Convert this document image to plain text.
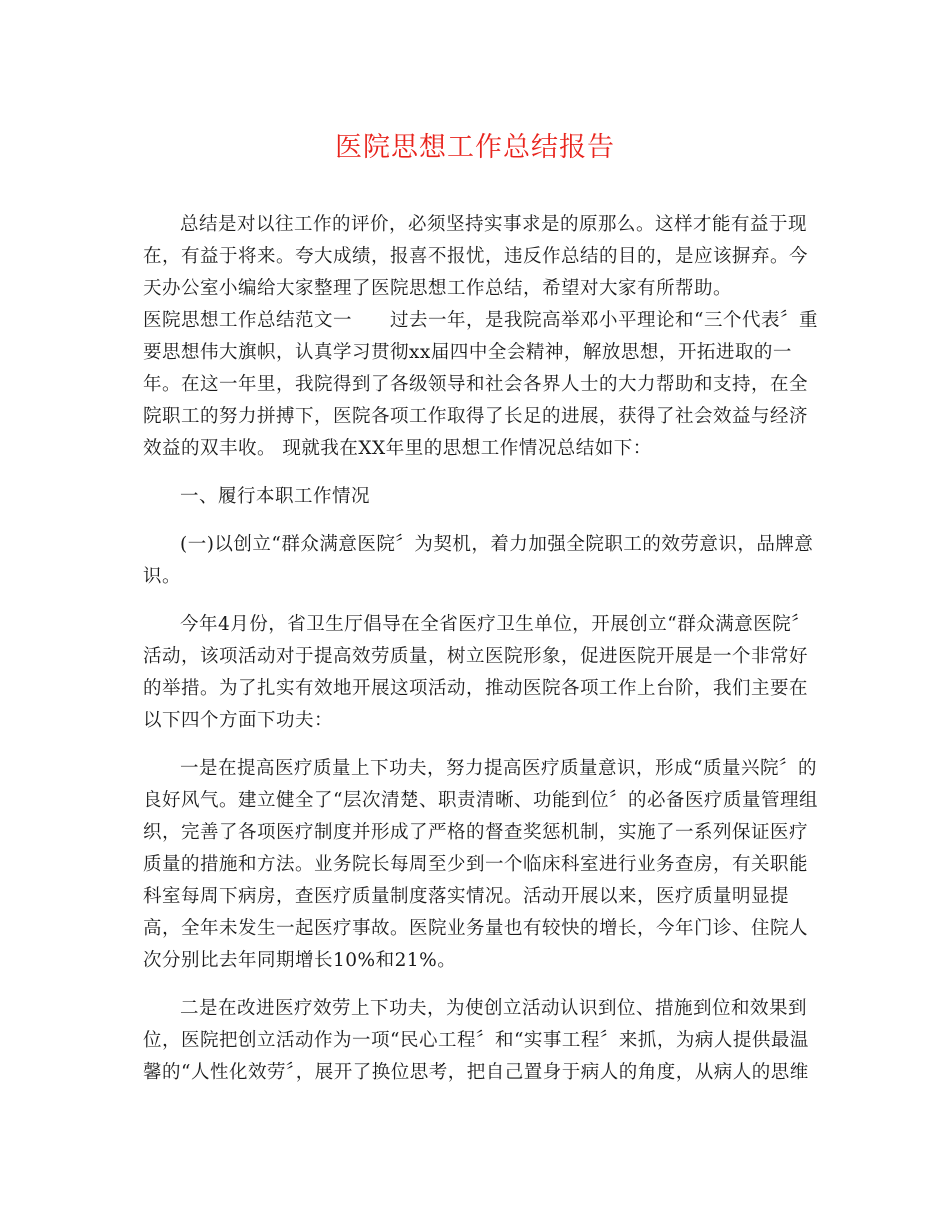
医院思想工作总结报告
总结是对以往工作的评价，必须坚持实事求是的原那么。这样才能有益于现
在，有益于将来。夸大成绩，报喜不报忧，违反作总结的目的，是应该摒弃。今
天办公室小编给大家整理了医院思想工作总结，希望对大家有所帮助。
医院思想工作总结范文一　　过去一年，是我院高举邓小平理论和“三个代表〞重
要思想伟大旗帜，认真学习贯彻xx届四中全会精神，解放思想，开拓进取的一
年。在这一年里，我院得到了各级领导和社会各界人士的大力帮助和支持，在全
院职工的努力拼搏下，医院各项工作取得了长足的进展，获得了社会效益与经济
效益的双丰收。 现就我在XX年里的思想工作情况总结如下：
一、履行本职工作情况
(一)以创立“群众满意医院〞为契机，着力加强全院职工的效劳意识，品牌意
识。
今年4月份，省卫生厅倡导在全省医疗卫生单位，开展创立“群众满意医院〞
活动，该项活动对于提高效劳质量，树立医院形象，促进医院开展是一个非常好
的举措。为了扎实有效地开展这项活动，推动医院各项工作上台阶，我们主要在
以下四个方面下功夫：
一是在提高医疗质量上下功夫，努力提高医疗质量意识，形成“质量兴院〞的
良好风气。建立健全了“层次清楚、职责清晰、功能到位〞的必备医疗质量管理组
织，完善了各项医疗制度并形成了严格的督查奖惩机制，实施了一系列保证医疗
质量的措施和方法。业务院长每周至少到一个临床科室进行业务查房，有关职能
科室每周下病房，查医疗质量制度落实情况。活动开展以来，医疗质量明显提
高，全年未发生一起医疗事故。医院业务量也有较快的增长，今年门诊、住院人
次分别比去年同期增长10%和21%。
二是在改进医疗效劳上下功夫，为使创立活动认识到位、措施到位和效果到
位，医院把创立活动作为一项“民心工程〞和“实事工程〞来抓，为病人提供最温
馨的“人性化效劳〞，展开了换位思考，把自己置身于病人的角度，从病人的思维
